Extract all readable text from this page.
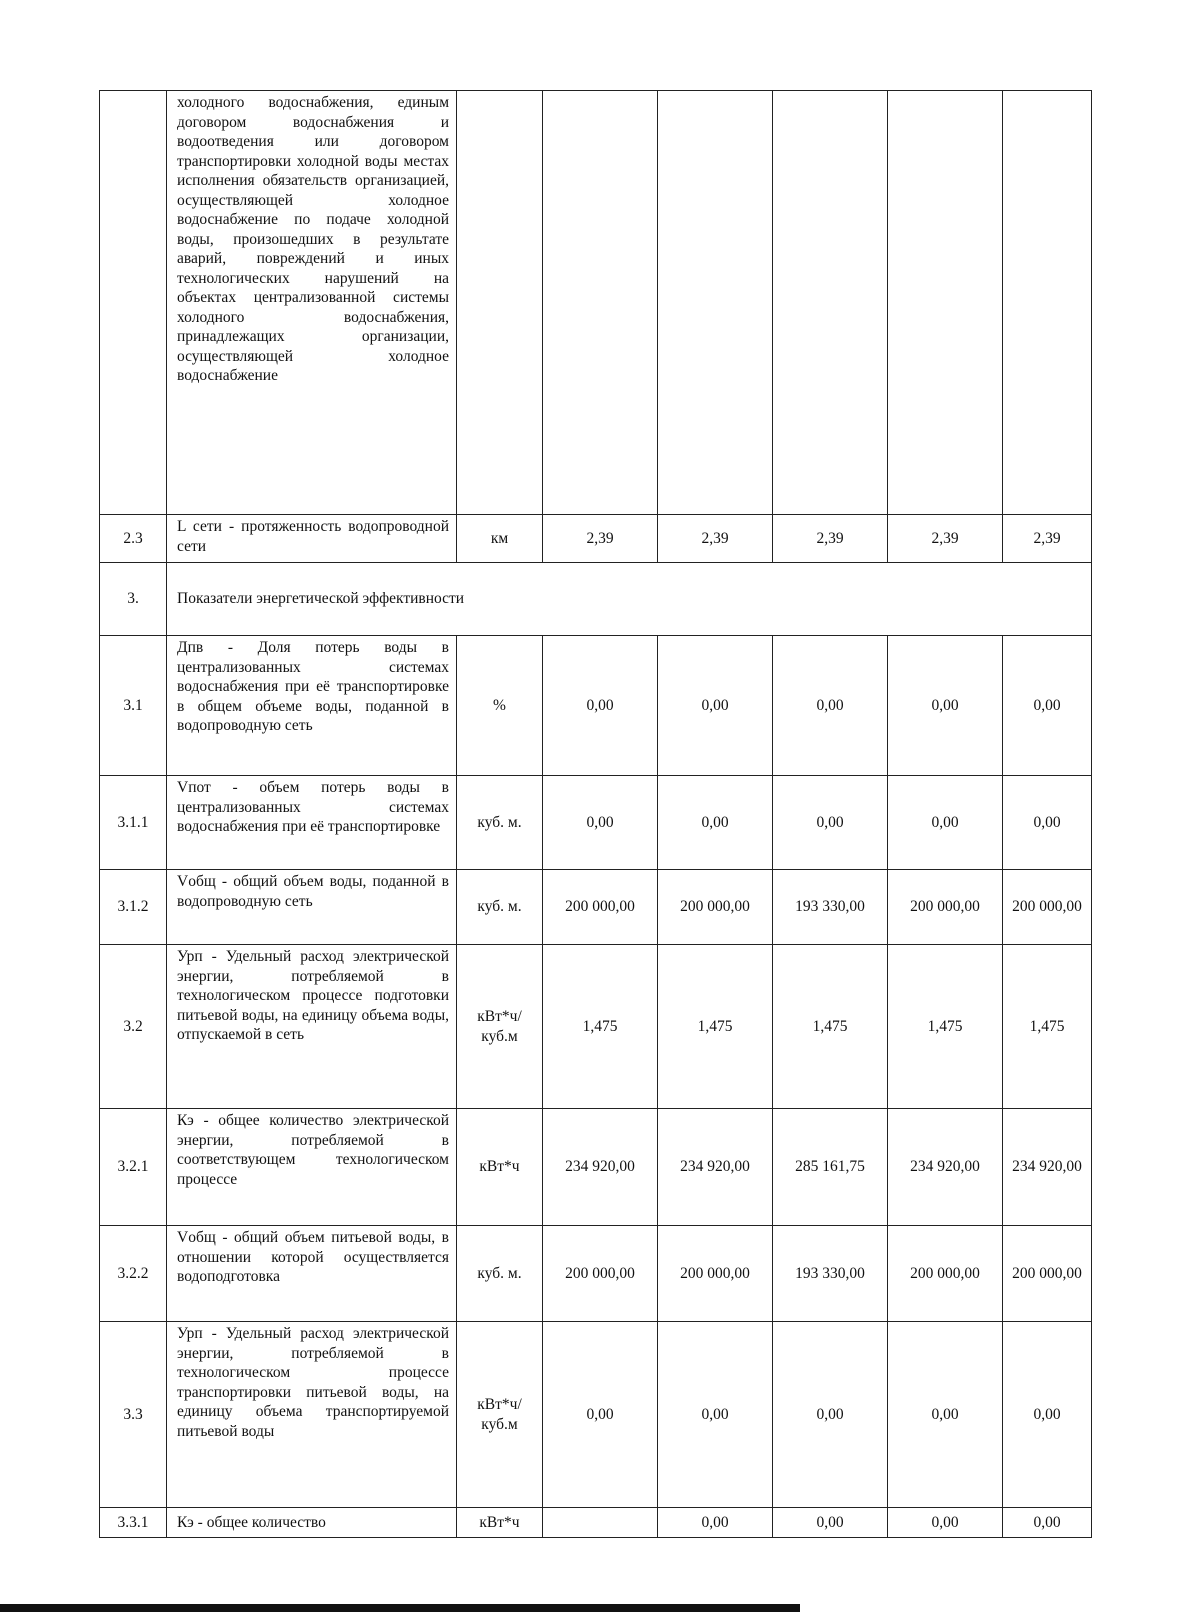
	холодного водоснабжения, единым договором водоснабжения и водоотведения или договором транспортировки холодной воды местах исполнения обязательств организацией, осуществляющей холодное водоснабжение по подаче холодной воды, произошедших в результате аварий, повреждений и иных технологических нарушений на объектах централизованной системы холодного водоснабжения, принадлежащих организации, осуществляющей холодное водоснабжение						
2.3	L сети - протяженность водопроводной сети	км	2,39	2,39	2,39	2,39	2,39
3.	Показатели энергетической эффективности						
3.1	Дпв - Доля потерь воды в централизованных системах водоснабжения при её транспортировке в общем объеме воды, поданной в водопроводную сеть	%	0,00	0,00	0,00	0,00	0,00
3.1.1	Vпот - объем потерь воды в централизованных системах водоснабжения при её транспортировке	куб. м.	0,00	0,00	0,00	0,00	0,00
3.1.2	Vобщ - общий объем воды, поданной в водопроводную сеть	куб. м.	200 000,00	200 000,00	193 330,00	200 000,00	200 000,00
3.2	Урп - Удельный расход электрической энергии, потребляемой в технологическом процессе подготовки питьевой воды, на единицу объема воды, отпускаемой в сеть	кВт*ч/ куб.м	1,475	1,475	1,475	1,475	1,475
3.2.1	Кэ - общее количество электрической энергии, потребляемой в соответствующем технологическом процессе	кВт*ч	234 920,00	234 920,00	285 161,75	234 920,00	234 920,00
3.2.2	Vобщ - общий объем питьевой воды, в отношении которой осуществляется водоподготовка	куб. м.	200 000,00	200 000,00	193 330,00	200 000,00	200 000,00
3.3	Урп - Удельный расход электрической энергии, потребляемой в технологическом процессе транспортировки питьевой воды, на единицу объема транспортируемой питьевой воды	кВт*ч/ куб.м	0,00	0,00	0,00	0,00	0,00
3.3.1	Кэ - общее количество	кВт*ч		0,00	0,00	0,00	0,00
